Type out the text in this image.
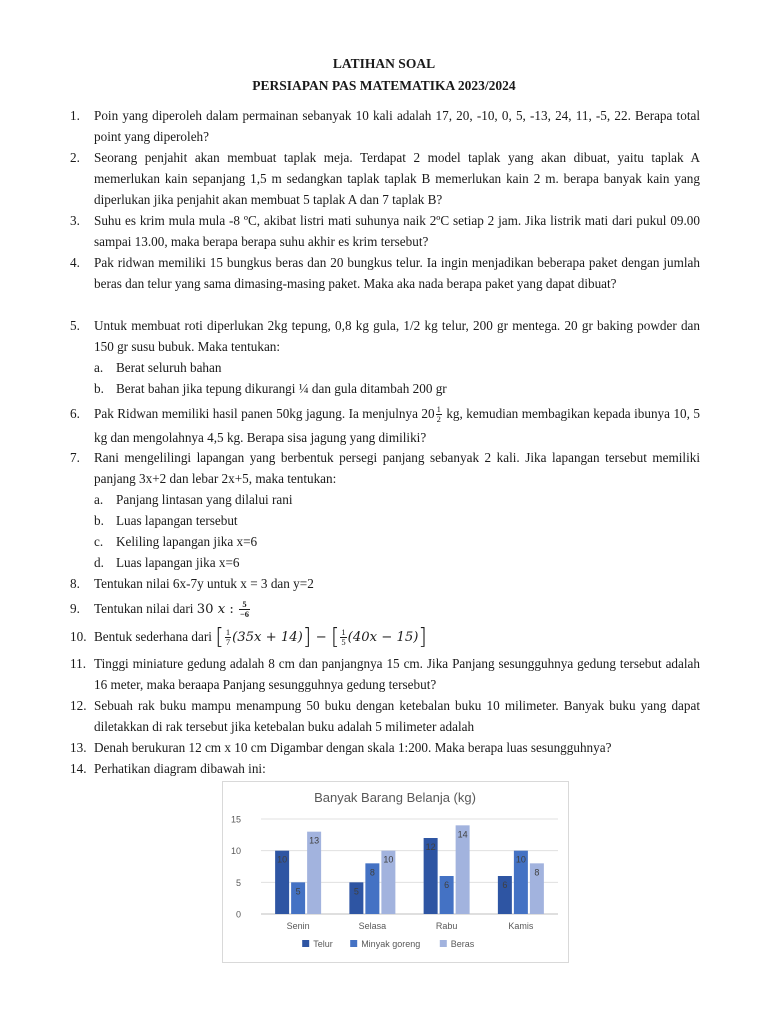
LATIHAN SOAL
PERSIAPAN PAS MATEMATIKA 2023/2024
1. Poin yang diperoleh dalam permainan sebanyak 10 kali adalah 17, 20, -10, 0, 5, -13, 24, 11, -5, 22. Berapa total point yang diperoleh?
2. Seorang penjahit akan membuat taplak meja. Terdapat 2 model taplak yang akan dibuat, yaitu taplak A memerlukan kain sepanjang 1,5 m sedangkan taplak taplak B memerlukan kain 2 m. berapa banyak kain yang diperlukan jika penjahit akan membuat 5 taplak A dan 7 taplak B?
3. Suhu es krim mula mula -8 ºC, akibat listri mati suhunya naik 2ºC setiap 2 jam. Jika listrik mati dari pukul 09.00 sampai 13.00, maka berapa berapa suhu akhir es krim tersebut?
4. Pak ridwan memiliki 15 bungkus beras dan 20 bungkus telur. Ia ingin menjadikan beberapa paket dengan jumlah beras dan telur yang sama dimasing-masing paket. Maka aka nada berapa paket yang dapat dibuat?
5. Untuk membuat roti diperlukan 2kg tepung, 0,8 kg gula, 1/2 kg telur, 200 gr mentega. 20 gr baking powder dan 150 gr susu bubuk. Maka tentukan:
a. Berat seluruh bahan
b. Berat bahan jika tepung dikurangi ¼ dan gula ditambah 200 gr
6. Pak Ridwan memiliki hasil panen 50kg jagung. Ia menjulnya $20 \frac{1}{2}$ kg, kemudian membagikan kepada ibunya 10, 5 kg dan mengolahnya 4,5 kg. Berapa sisa jagung yang dimiliki?
7. Rani mengelilingi lapangan yang berbentuk persegi panjang sebanyak 2 kali. Jika lapangan tersebut memiliki panjang 3x+2 dan lebar 2x+5, maka tentukan:
a. Panjang lintasan yang dilalui rani
b. Luas lapangan tersebut
c. Keliling lapangan jika x=6
d. Luas lapangan jika x=6
8. Tentukan nilai 6x-7y untuk x = 3 dan y=2
9. Tentukan nilai dari 30 x : $\frac{5}{-6}$
10. Bentuk sederhana dari [ $\frac{1}{7} (35x + 14)$] − [ $\frac{1}{5} (40x - 15)$]
11. Tinggi miniature gedung adalah 8 cm dan panjangnya 15 cm. Jika Panjang sesungguhnya gedung tersebut adalah 16 meter, maka beraapa Panjang sesungguhnya gedung tersebut?
12. Sebuah rak buku mampu menampung 50 buku dengan ketebalan buku 10 milimeter. Banyak buku yang dapat diletakkan di rak tersebut jika ketebalan buku adalah 5 milimeter adalah
13. Denah berukuran 12 cm x 10 cm Digambar dengan skala 1:200. Maka berapa luas sesungguhnya?
14. Perhatikan diagram dibawah ini:
Banyak Barang Belanja (kg)
0
5
10
15
10
5
13
Senin
5
8
10
Selasa
12
6
14
Rabu
6
10
8
Kamis
Telur	Minyak goreng	Beras
